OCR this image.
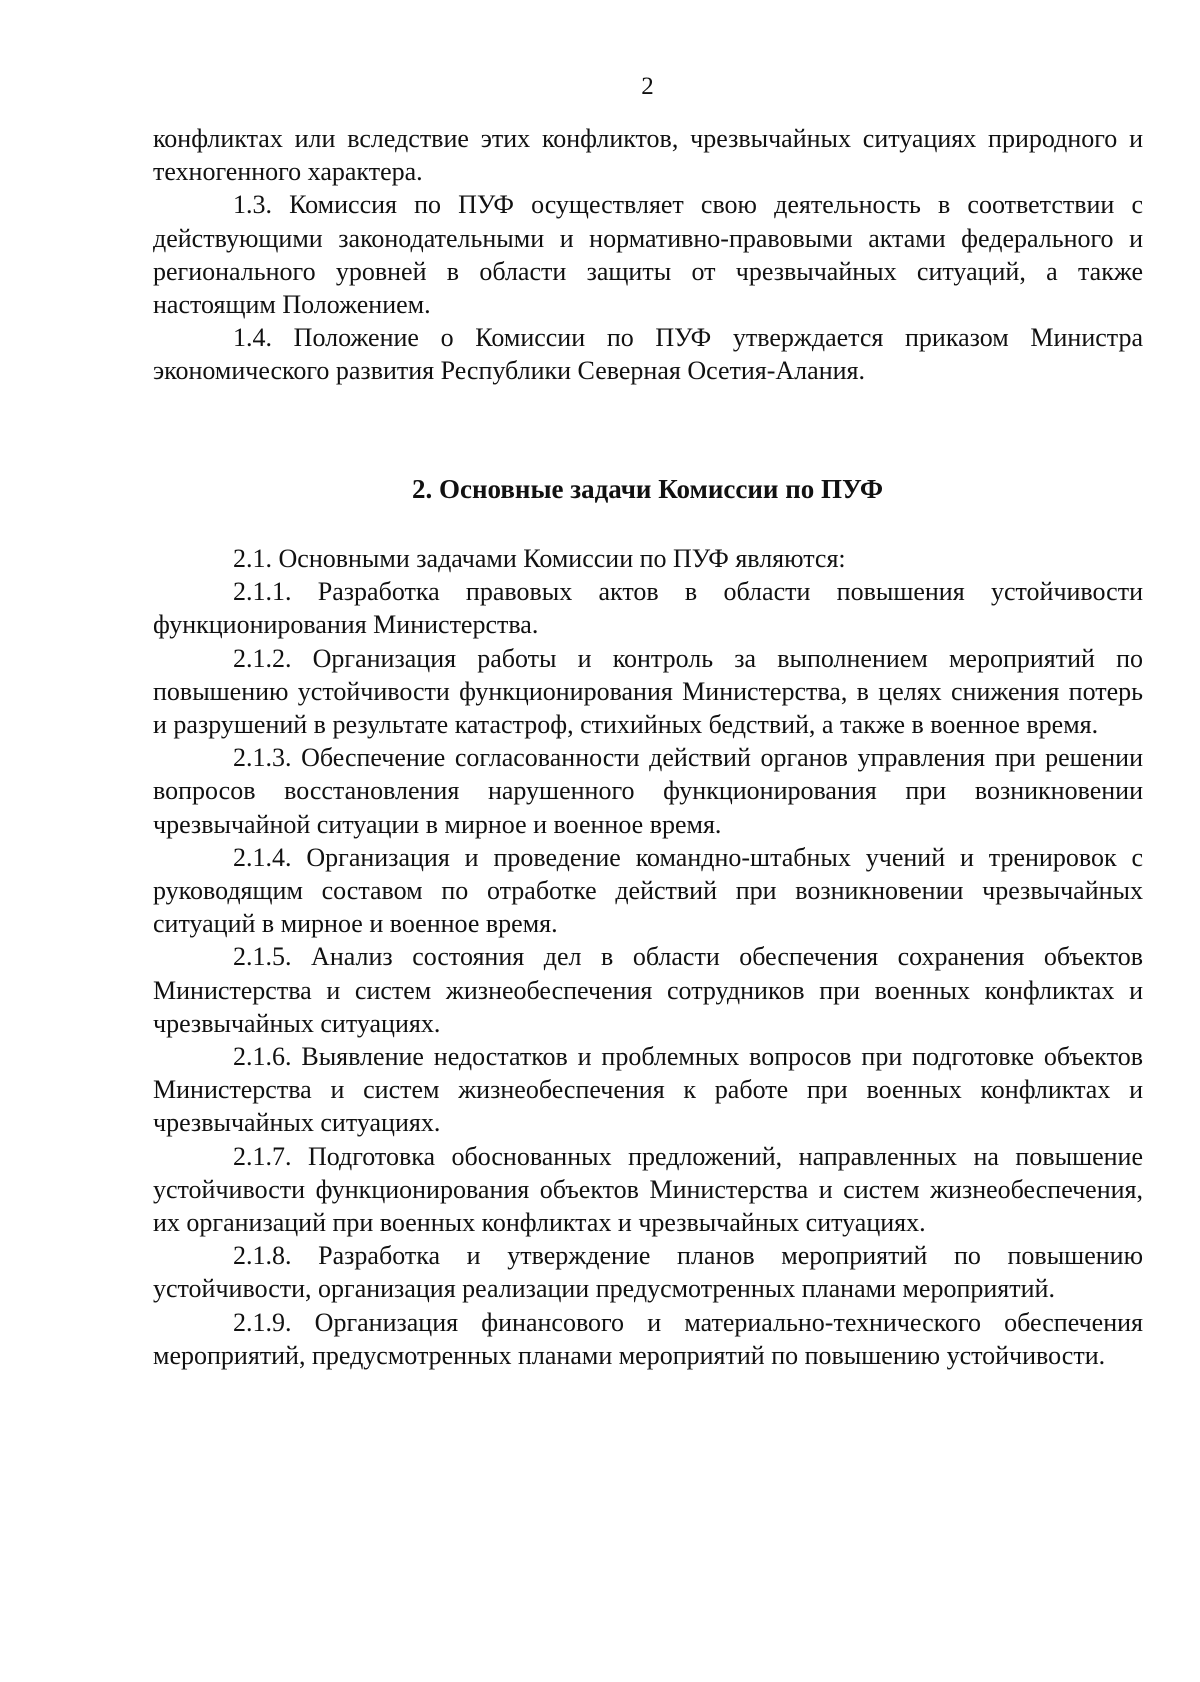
2

конфликтах или вследствие этих конфликтов, чрезвычайных ситуациях природного и техногенного характера.

1.3. Комиссия по ПУФ осуществляет свою деятельность в соответствии с действующими законодательными и нормативно-правовыми актами федерального и регионального уровней в области защиты от чрезвычайных ситуаций, а также настоящим Положением.

1.4. Положение о Комиссии по ПУФ утверждается приказом Министра экономического развития Республики Северная Осетия-Алания.

2. Основные задачи Комиссии по ПУФ

2.1. Основными задачами Комиссии по ПУФ являются:

2.1.1. Разработка правовых актов в области повышения устойчивости функционирования Министерства.

2.1.2. Организация работы и контроль за выполнением мероприятий по повышению устойчивости функционирования Министерства, в целях снижения потерь и разрушений в результате катастроф, стихийных бедствий, а также в военное время.

2.1.3. Обеспечение согласованности действий органов управления при решении вопросов восстановления нарушенного функционирования при возникновении чрезвычайной ситуации в мирное и военное время.

2.1.4. Организация и проведение командно-штабных учений и тренировок с руководящим составом по отработке действий при возникновении чрезвычайных ситуаций в мирное и военное время.

2.1.5. Анализ состояния дел в области обеспечения сохранения объектов Министерства и систем жизнеобеспечения сотрудников при военных конфликтах и чрезвычайных ситуациях.

2.1.6. Выявление недостатков и проблемных вопросов при подготовке объектов Министерства и систем жизнеобеспечения к работе при военных конфликтах и чрезвычайных ситуациях.

2.1.7. Подготовка обоснованных предложений, направленных на повышение устойчивости функционирования объектов Министерства и систем жизнеобеспечения, их организаций при военных конфликтах и чрезвычайных ситуациях.

2.1.8. Разработка и утверждение планов мероприятий по повышению устойчивости, организация реализации предусмотренных планами мероприятий.

2.1.9. Организация финансового и материально-технического обеспечения мероприятий, предусмотренных планами мероприятий по повышению устойчивости.
